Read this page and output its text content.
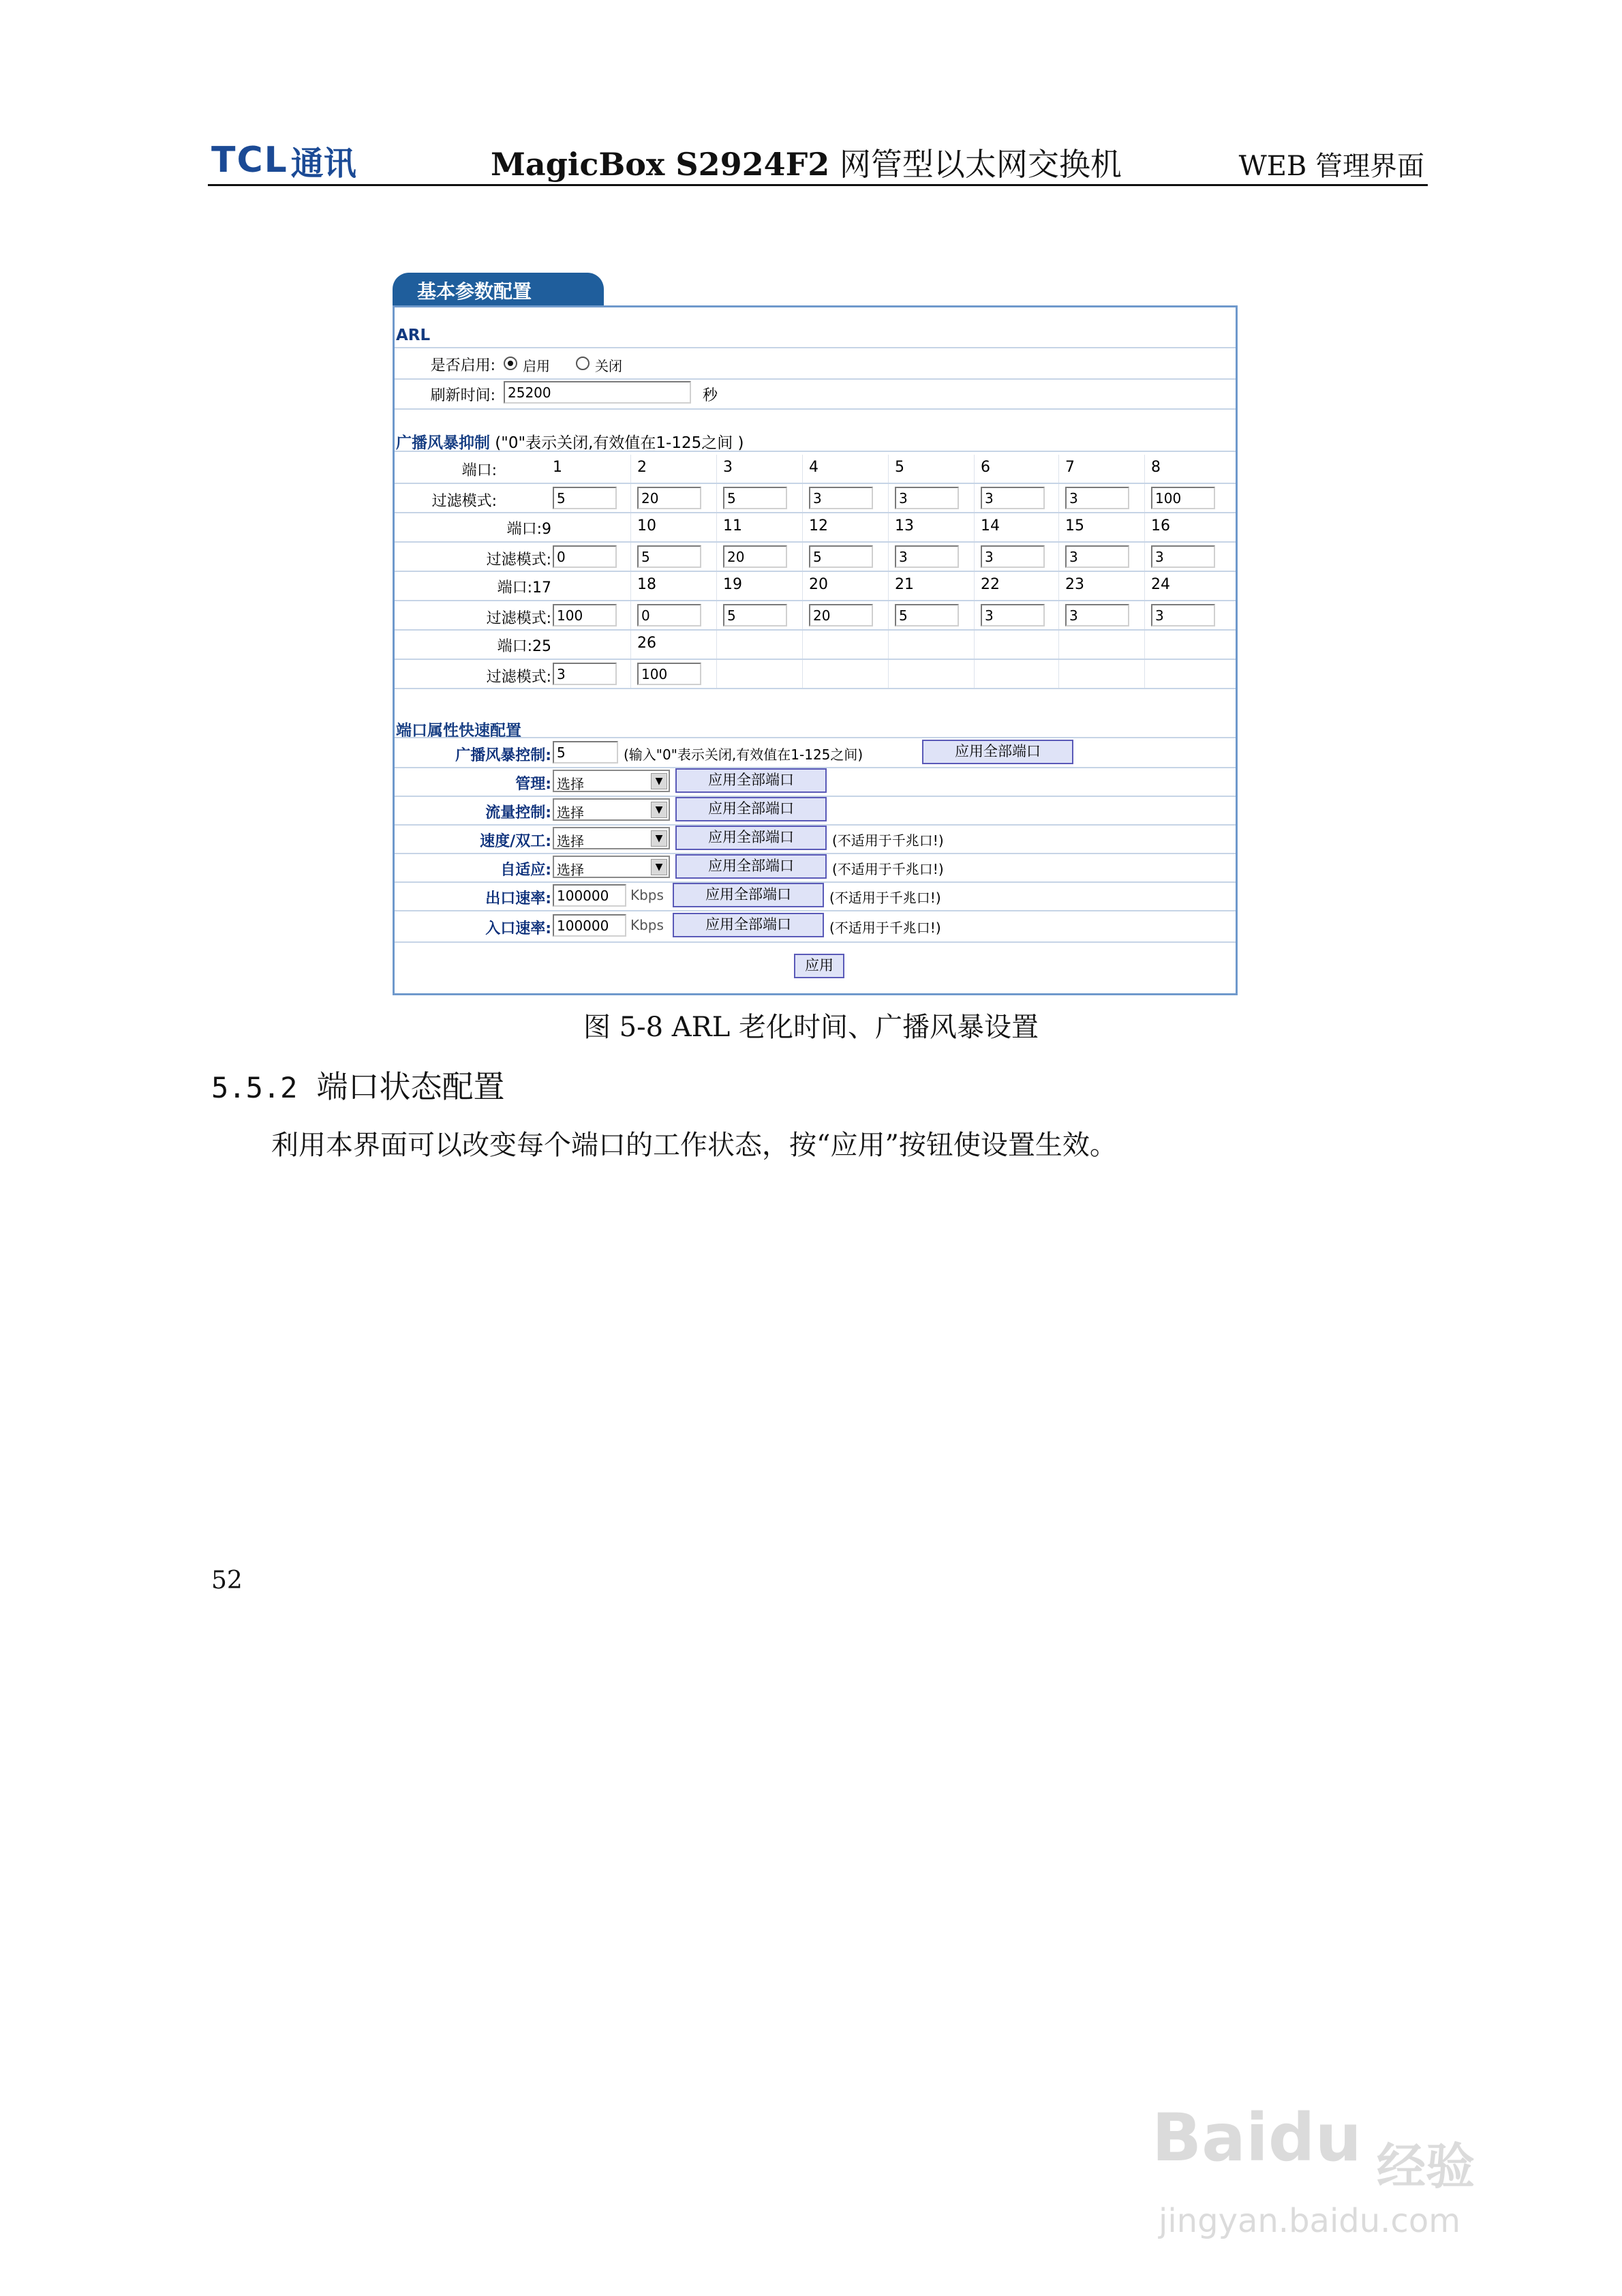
TCL 通讯	MagicBox S2924F2 网管型以太网交换机	WEB 管理界面
基本参数配置
ARL
是否启用: 启用	关闭
刷新时间: 25200	秒
广播风暴抑制 ("0"表示关闭,有效值在1-125之间 )
端口:	1	2	3	4	5	6	7	8
过滤模式:	5	20	5	3	3	3	3	100
端口:9	10	11	12	13	14	15	16
过滤模式: 0	5	20	5	3	3	3	3
端口:17	18	19	20	21	22	23	24
过滤模式: 100	0	5	20	5	3	3	3
端口:25	26
过滤模式: 3	100
端口属性快速配置
广播风暴控制: 5	(输入"0"表示关闭,有效值在1-125之间)	应用全部端口
管理: 选择	▼	应用全部端口
流量控制: 选择	▼	应用全部端口
速度/双工: 选择	▼	应用全部端口	(不适用于千兆口!)
自适应: 选择	▼	应用全部端口	(不适用于千兆口!)
出口速率: 100000	Kbps	应用全部端口	(不适用于千兆口!)
入口速率: 100000	Kbps	应用全部端口	(不适用于千兆口!)
应用
图 5-8 ARL 老化时间、广播风暴设置
5.5.2 端口状态配置
利用本界面可以改变每个端口的工作状态，按“应用”按钮使设置生效。
52
Baidu 经验
jingyan.baidu.com
